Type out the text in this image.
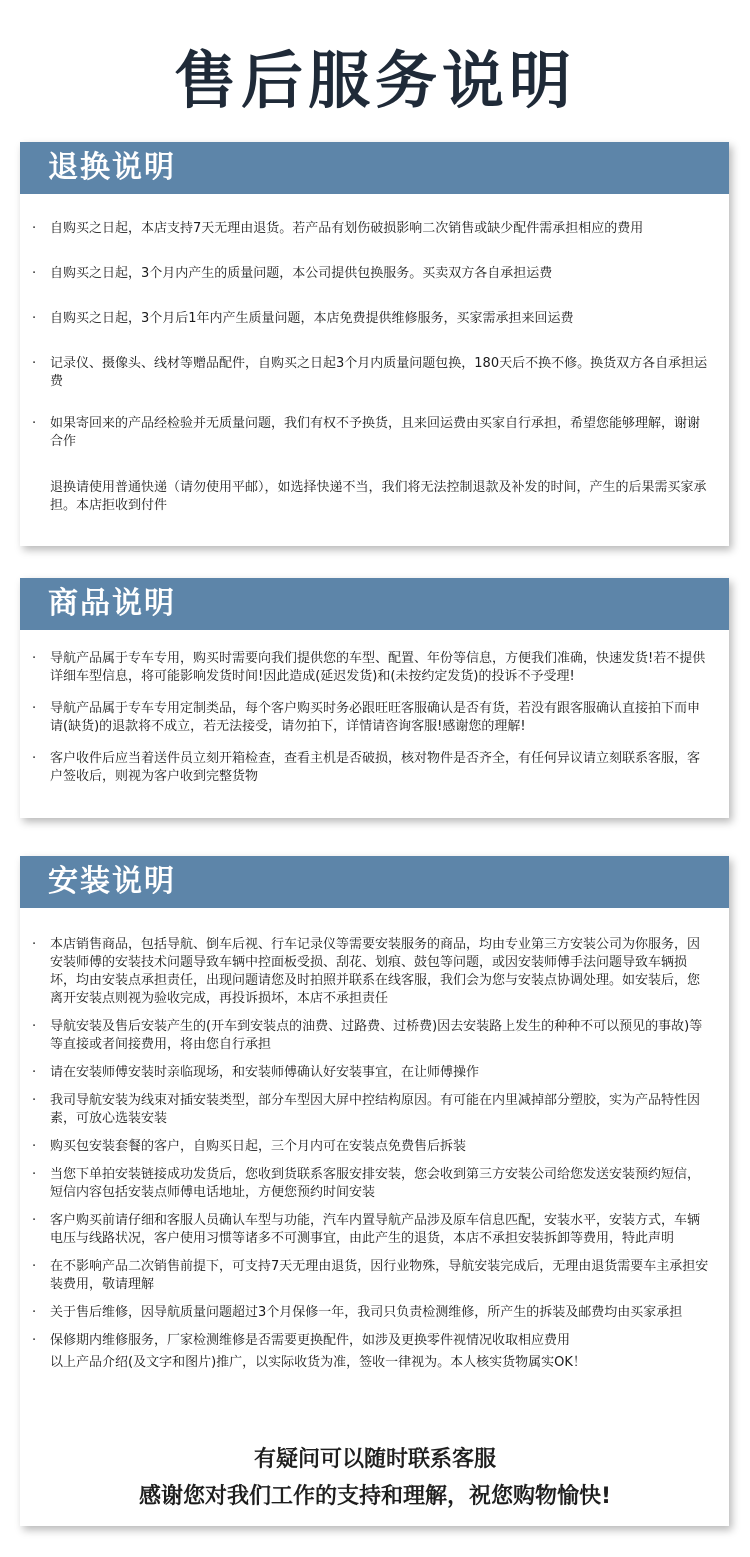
售后服务说明
退换说明
·	自购买之日起，本店支持7天无理由退货。若产品有划伤破损影响二次销售或缺少配件需承担相应的费用
·	自购买之日起，3个月内产生的质量问题，本公司提供包换服务。买卖双方各自承担运费
·	自购买之日起，3个月后1年内产生质量问题，本店免费提供维修服务，买家需承担来回运费
·	记录仪、摄像头、线材等赠品配件，自购买之日起3个月内质量问题包换，180天后不换不修。换货双方各自承担运费
·	如果寄回来的产品经检验并无质量问题，我们有权不予换货，且来回运费由买家自行承担，希望您能够理解，谢谢合作
退换请使用普通快递（请勿使用平邮），如选择快递不当，我们将无法控制退款及补发的时间，产生的后果需买家承担。本店拒收到付件
商品说明
·	导航产品属于专车专用，购买时需要向我们提供您的车型、配置、年份等信息，方便我们准确，快速发货!若不提供详细车型信息，将可能影响发货时间!因此造成(延迟发货)和(未按约定发货)的投诉不予受理!
·	导航产品属于专车专用定制类品，每个客户购买时务必跟旺旺客服确认是否有货，若没有跟客服确认直接拍下而申请(缺货)的退款将不成立，若无法接受，请勿拍下，详情请咨询客服!感谢您的理解!
·	客户收件后应当着送件员立刻开箱检查，查看主机是否破损，核对物件是否齐全，有任何异议请立刻联系客服，客户签收后，则视为客户收到完整货物
安装说明
·	本店销售商品，包括导航、倒车后视、行车记录仪等需要安装服务的商品，均由专业第三方安装公司为你服务，因安装师傅的安装技术问题导致车辆中控面板受损、刮花、划痕、鼓包等问题，或因安装师傅手法问题导致车辆损坏，均由安装点承担责任，出现问题请您及时拍照并联系在线客服，我们会为您与安装点协调处理。如安装后，您离开安装点则视为验收完成，再投诉损坏，本店不承担责任
·	导航安装及售后安装产生的(开车到安装点的油费、过路费、过桥费)因去安装路上发生的种种不可以预见的事故)等等直接或者间接费用，将由您自行承担
·	请在安装师傅安装时亲临现场，和安装师傅确认好安装事宜，在让师傅操作
·	我司导航安装为线束对插安装类型，部分车型因大屏中控结构原因。有可能在内里减掉部分塑胶，实为产品特性因素，可放心选装安装
·	购买包安装套餐的客户，自购买日起，三个月内可在安装点免费售后拆装
·	当您下单拍安装链接成功发货后，您收到货联系客服安排安装，您会收到第三方安装公司给您发送安装预约短信，短信内容包括安装点师傅电话地址，方便您预约时间安装
·	客户购买前请仔细和客服人员确认车型与功能，汽车内置导航产品涉及原车信息匹配，安装水平，安装方式，车辆电压与线路状况，客户使用习惯等诸多不可测事宜，由此产生的退货，本店不承担安装拆卸等费用，特此声明
·	在不影响产品二次销售前提下，可支持7天无理由退货，因行业物殊，导航安装完成后，无理由退货需要车主承担安装费用，敬请理解
·	关于售后维修，因导航质量问题超过3个月保修一年，我司只负责检测维修，所产生的拆装及邮费均由买家承担
·	保修期内维修服务，厂家检测维修是否需要更换配件，如涉及更换零件视情况收取相应费用
以上产品介绍(及文字和图片)推广，以实际收货为准，签收一律视为。本人核实货物属实OK！
有疑问可以随时联系客服
感谢您对我们工作的支持和理解，祝您购物愉快!
